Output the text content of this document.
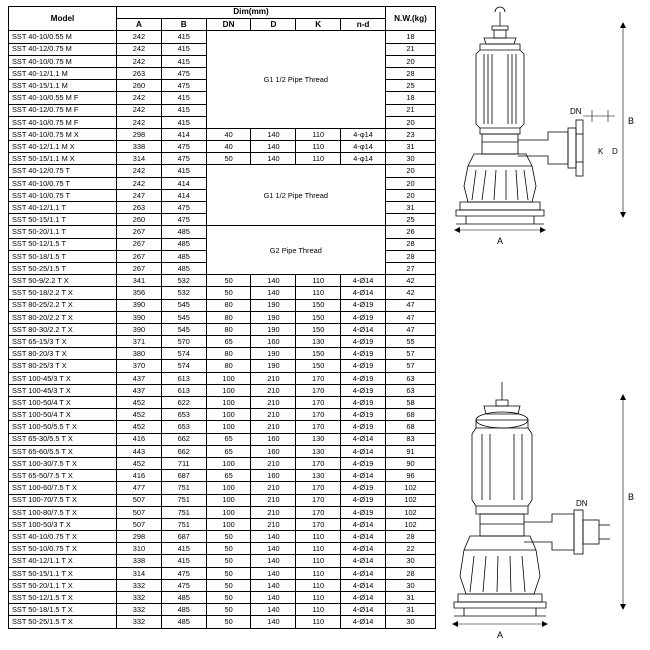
Model	Dim(mm)						N.W.(kg)
	A	B	DN	D	K	n-d	
SST 40-10/0.55 M	242	415	G1 1/2 Pipe Thread				18
SST 40-12/0.75 M	242	415					21
SST 40-10/0.75 M	242	415					20
SST 40-12/1.1 M	263	475					28
SST 40-15/1.1 M	260	475					25
SST 40-10/0.55 M F	242	415					18
SST 40-12/0.75 M F	242	415					21
SST 40-10/0.75 M F	242	415					20
SST 40-10/0.75 M X	298	414	40	140	110	4-φ14	23
SST 40-12/1.1 M X	338	475	40	140	110	4-φ14	31
SST 50-15/1.1 M X	314	475	50	140	110	4-φ14	30
SST 40-12/0.75 T	242	415	G1 1/2 Pipe Thread				20
SST 40-10/0.75 T	242	414					20
SST 40-10/0.75 T	247	414					20
SST 40-12/1.1 T	263	475					31
SST 50-15/1.1 T	260	475					25
SST 50-20/1.1 T	267	485	G2 Pipe Thread				26
SST 50-12/1.5 T	267	485					28
SST 50-18/1.5 T	267	485					28
SST 50-25/1.5 T	267	485					27
SST 50-9/2.2 T X	341	532	50	140	110	4-Ø14	42
SST 50-18/2.2 T X	356	532	50	140	110	4-Ø14	42
SST 80-25/2.2 T X	390	545	80	190	150	4-Ø19	47
SST 80-20/2.2 T X	390	545	80	190	150	4-Ø19	47
SST 80-30/2.2 T X	390	545	80	190	150	4-Ø14	47
SST 65-15/3 T X	371	570	65	160	130	4-Ø19	55
SST 80-20/3 T X	380	574	80	190	150	4-Ø19	57
SST 80-25/3 T X	370	574	80	190	150	4-Ø19	57
SST 100-45/3 T X	437	613	100	210	170	4-Ø19	63
SST 100-45/3 T X	437	613	100	210	170	4-Ø19	63
SST 100-50/4 T X	452	622	100	210	170	4-Ø19	58
SST 100-50/4 T X	452	653	100	210	170	4-Ø19	68
SST 100-50/5.5 T X	452	653	100	210	170	4-Ø19	68
SST 65-30/5.5 T X	416	662	65	160	130	4-Ø14	83
SST 65-60/5.5 T X	443	662	65	160	130	4-Ø14	91
SST 100-30/7.5 T X	452	711	100	210	170	4-Ø19	90
SST 65-50/7.5 T X	416	687	65	160	130	4-Ø14	96
SST 100-60/7.5 T X	477	751	100	210	170	4-Ø19	102
SST 100-70/7.5 T X	507	751	100	210	170	4-Ø19	102
SST 100-80/7.5 T X	507	751	100	210	170	4-Ø19	102
SST 100-50/3 T X	507	751	100	210	170	4-Ø14	102
SST 40-10/0.75 T X	298	687	50	140	110	4-Ø14	28
SST 50-10/0.75 T X	310	415	50	140	110	4-Ø14	22
SST 40-12/1.1 T X	338	415	50	140	110	4-Ø14	30
SST 50-15/1.1 T X	314	475	50	140	110	4-Ø14	28
SST 50-20/1.1 T X	332	475	50	140	110	4-Ø14	30
SST 50-12/1.5 T X	332	485	50	140	110	4-Ø14	31
SST 50-18/1.5 T X	332	485	50	140	110	4-Ø14	31
SST 50-25/1.5 T X	332	485	50	140	110	4-Ø14	30
B
A
DN
D
K
B
A
DN
